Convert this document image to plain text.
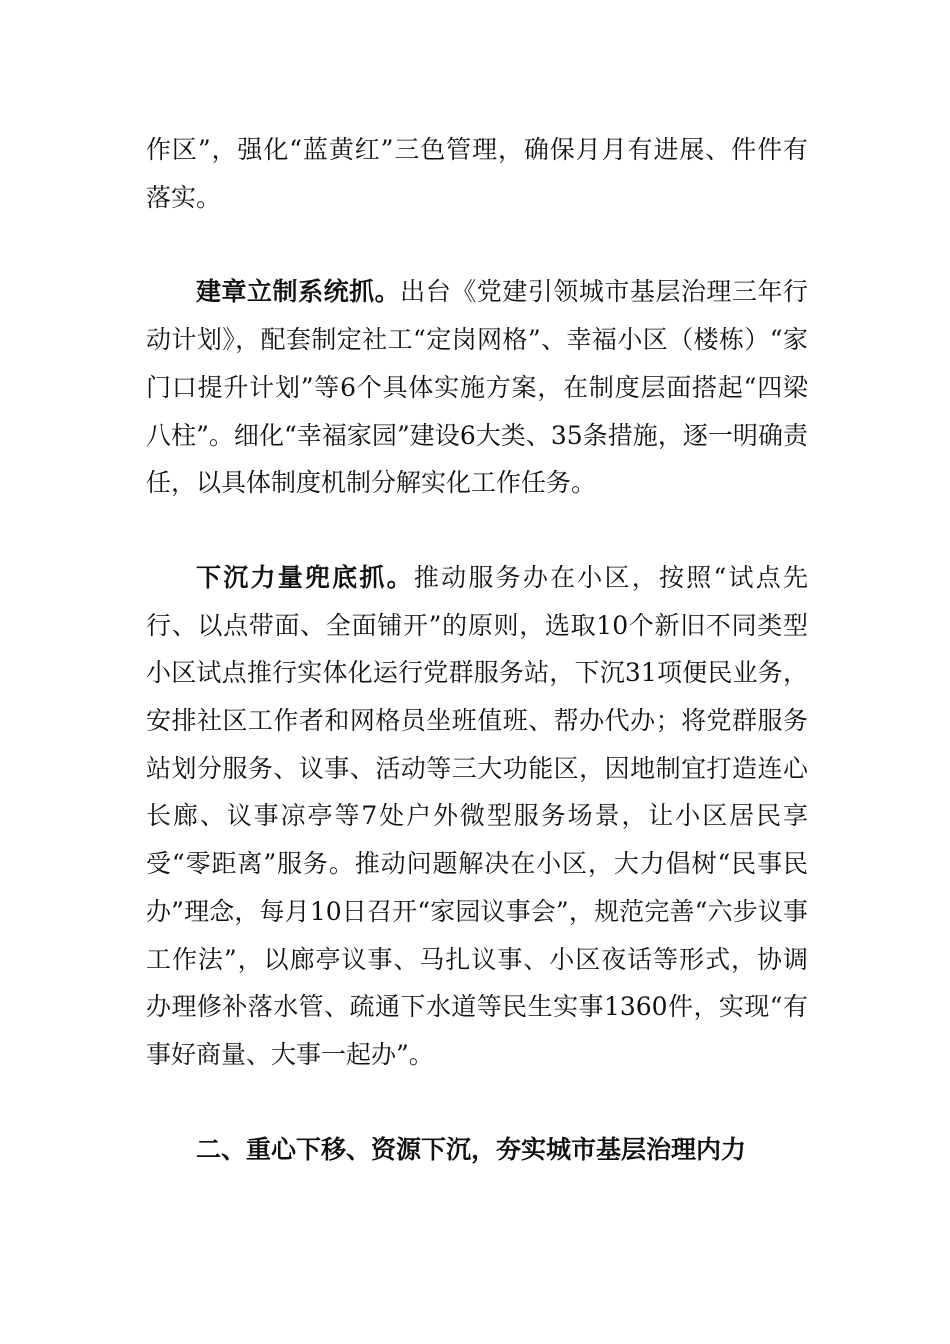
作区”，强化“蓝黄红”三色管理，确保月月有进展、件件有落实。

建章立制系统抓。出台《党建引领城市基层治理三年行动计划》，配套制定社工“定岗网格”、幸福小区（楼栋）“家门口提升计划”等6个具体实施方案，在制度层面搭起“四梁八柱”。细化“幸福家园”建设6大类、35条措施，逐一明确责任，以具体制度机制分解实化工作任务。

下沉力量兜底抓。推动服务办在小区，按照“试点先行、以点带面、全面铺开”的原则，选取10个新旧不同类型小区试点推行实体化运行党群服务站，下沉31项便民业务，安排社区工作者和网格员坐班值班、帮办代办；将党群服务站划分服务、议事、活动等三大功能区，因地制宜打造连心长廊、议事凉亭等7处户外微型服务场景，让小区居民享受“零距离”服务。推动问题解决在小区，大力倡树“民事民办”理念，每月10日召开“家园议事会”，规范完善“六步议事工作法”，以廊亭议事、马扎议事、小区夜话等形式，协调办理修补落水管、疏通下水道等民生实事1360件，实现“有事好商量、大事一起办”。

二、重心下移、资源下沉，夯实城市基层治理内力
